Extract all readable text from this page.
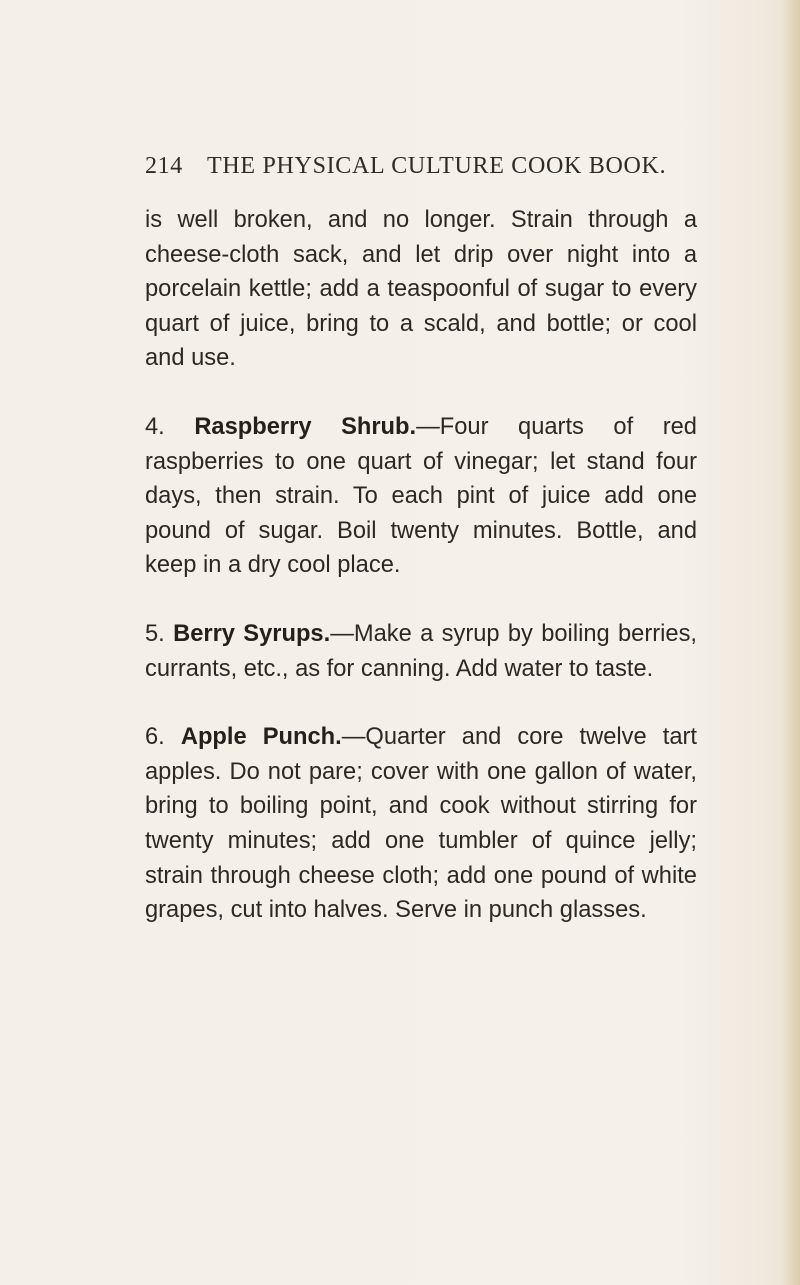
214 THE PHYSICAL CULTURE COOK BOOK.

is well broken, and no longer. Strain through a cheese-cloth sack, and let drip over night into a porcelain kettle; add a teaspoonful of sugar to every quart of juice, bring to a scald, and bottle; or cool and use.

4. Raspberry Shrub.—Four quarts of red raspberries to one quart of vinegar; let stand four days, then strain. To each pint of juice add one pound of sugar. Boil twenty minutes. Bottle, and keep in a dry cool place.

5. Berry Syrups.—Make a syrup by boiling berries, currants, etc., as for canning. Add water to taste.

6. Apple Punch.—Quarter and core twelve tart apples. Do not pare; cover with one gallon of water, bring to boiling point, and cook without stirring for twenty minutes; add one tumbler of quince jelly; strain through cheese cloth; add one pound of white grapes, cut into halves. Serve in punch glasses.
